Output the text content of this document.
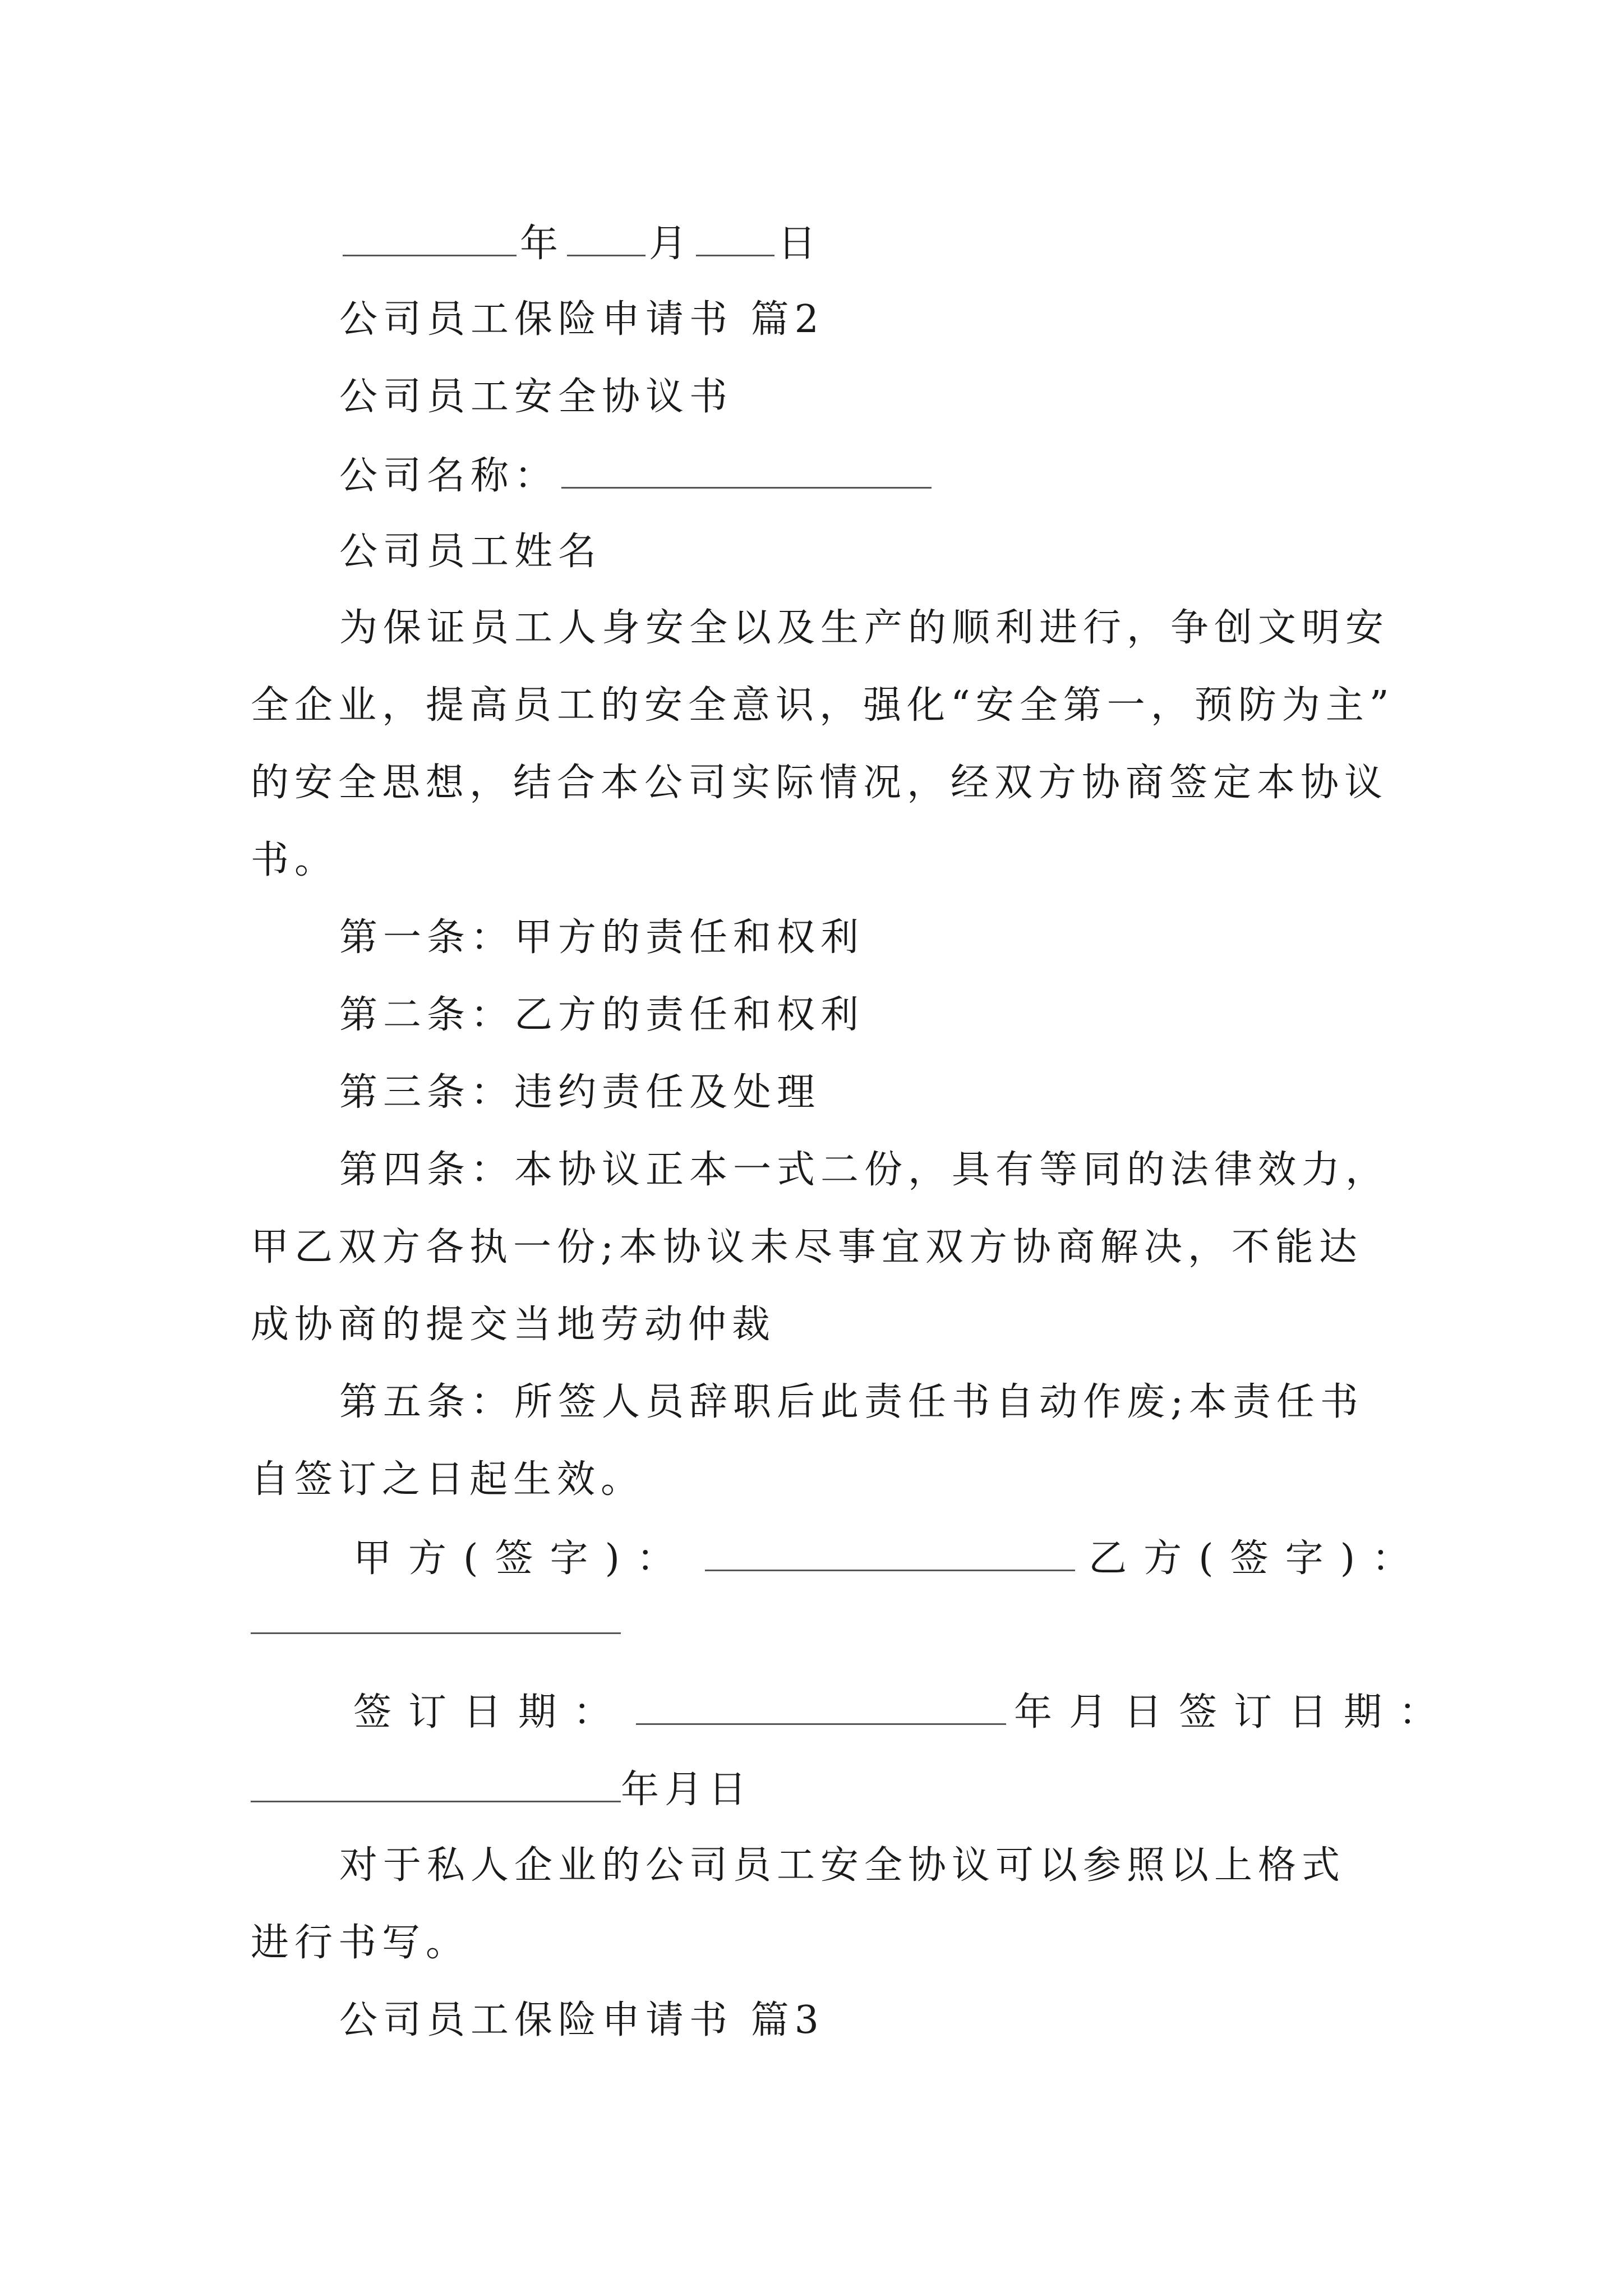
年 月 日
公司员工保险申请书 篇2
公司员工安全协议书
公司名称：
公司员工姓名
为保证员工人身安全以及生产的顺利进行，争创文明安
全企业，提高员工的安全意识，强化“安全第一，预防为主”
的安全思想，结合本公司实际情况，经双方协商签定本协议
书。
第一条：甲方的责任和权利
第二条：乙方的责任和权利
第三条：违约责任及处理
第四条：本协议正本一式二份，具有等同的法律效力，
甲乙双方各执一份;本协议未尽事宜双方协商解决，不能达
成协商的提交当地劳动仲裁
第五条：所签人员辞职后此责任书自动作废;本责任书
自签订之日起生效。
甲方(签字)：	乙方(签字)：
签订日期：	年月日签订日期：
年月日
对于私人企业的公司员工安全协议可以参照以上格式
进行书写。
公司员工保险申请书 篇3
